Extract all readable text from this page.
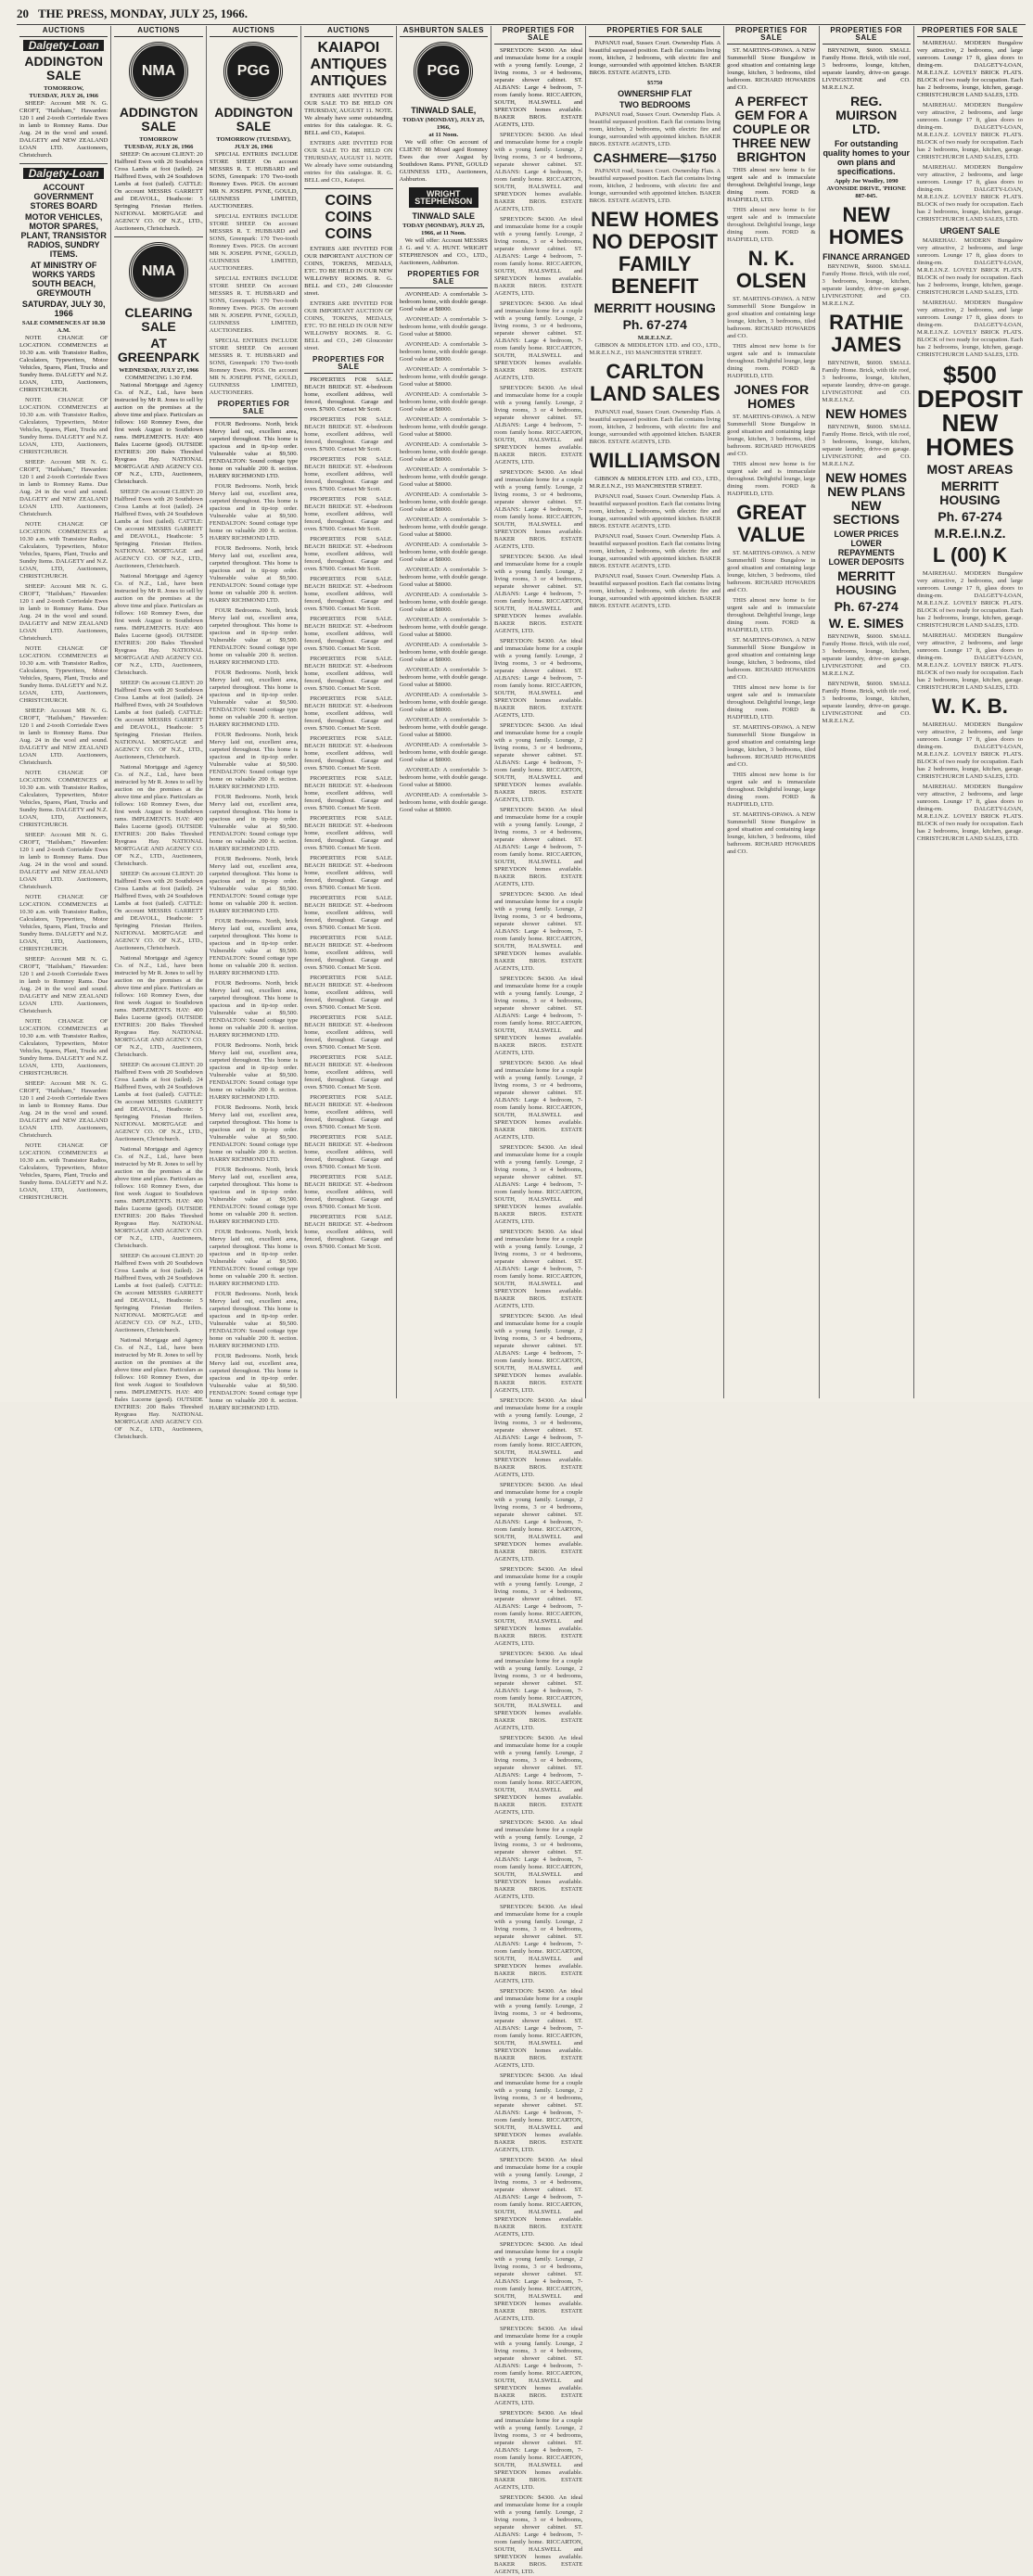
20 THE PRESS, MONDAY, JULY 25, 1966.
AUCTIONS
Dalgety-Loan
ADDINGTON SALE
TOMORROW,
TUESDAY, JULY 26, 1966

SHEEP: Account MR N. G. CROFT, "Hailsham," Hawarden: 120 1 and 2-tooth Corriedale Ewes in lamb to Romney Rams. Due Aug. 24 in the wool and sound. DALGETY and NEW ZEALAND LOAN LTD. Auctioneers, Christchurch.

Dalgety-Loan
ACCOUNT GOVERNMENT STORES BOARD
MOTOR VEHICLES, MOTOR SPARES, PLANT, TRANSISTOR RADIOS, SUNDRY ITEMS.
AT MINISTRY OF WORKS YARDS SOUTH BEACH, GREYMOUTH
SATURDAY, JULY 30, 1966
SALE COMMENCES AT 10.30 A.M.

NOTE CHANGE OF LOCATION. COMMENCES at 10.30 a.m. with Transistor Radios, Calculators, Typewriters, Motor Vehicles, Spares, Plant, Trucks and Sundry Items. DALGETY and N.Z. LOAN, LTD, Auctioneers, CHRISTCHURCH.

NOTE CHANGE OF LOCATION. COMMENCES at 10.30 a.m. with Transistor Radios, Calculators, Typewriters, Motor Vehicles, Spares, Plant, Trucks and Sundry Items. DALGETY and N.Z. LOAN, LTD, Auctioneers, CHRISTCHURCH.

SHEEP: Account MR N. G. CROFT, "Hailsham," Hawarden: 120 1 and 2-tooth Corriedale Ewes in lamb to Romney Rams. Due Aug. 24 in the wool and sound. DALGETY and NEW ZEALAND LOAN LTD. Auctioneers, Christchurch.

NOTE CHANGE OF LOCATION. COMMENCES at 10.30 a.m. with Transistor Radios, Calculators, Typewriters, Motor Vehicles, Spares, Plant, Trucks and Sundry Items. DALGETY and N.Z. LOAN, LTD, Auctioneers, CHRISTCHURCH.

SHEEP: Account MR N. G. CROFT, "Hailsham," Hawarden: 120 1 and 2-tooth Corriedale Ewes in lamb to Romney Rams. Due Aug. 24 in the wool and sound. DALGETY and NEW ZEALAND LOAN LTD. Auctioneers, Christchurch.

NOTE CHANGE OF LOCATION. COMMENCES at 10.30 a.m. with Transistor Radios, Calculators, Typewriters, Motor Vehicles, Spares, Plant, Trucks and Sundry Items. DALGETY and N.Z. LOAN, LTD, Auctioneers, CHRISTCHURCH.

SHEEP: Account MR N. G. CROFT, "Hailsham," Hawarden: 120 1 and 2-tooth Corriedale Ewes in lamb to Romney Rams. Due Aug. 24 in the wool and sound. DALGETY and NEW ZEALAND LOAN LTD. Auctioneers, Christchurch.

NOTE CHANGE OF LOCATION. COMMENCES at 10.30 a.m. with Transistor Radios, Calculators, Typewriters, Motor Vehicles, Spares, Plant, Trucks and Sundry Items. DALGETY and N.Z. LOAN, LTD, Auctioneers, CHRISTCHURCH.

SHEEP: Account MR N. G. CROFT, "Hailsham," Hawarden: 120 1 and 2-tooth Corriedale Ewes in lamb to Romney Rams. Due Aug. 24 in the wool and sound. DALGETY and NEW ZEALAND LOAN LTD. Auctioneers, Christchurch.

NOTE CHANGE OF LOCATION. COMMENCES at 10.30 a.m. with Transistor Radios, Calculators, Typewriters, Motor Vehicles, Spares, Plant, Trucks and Sundry Items. DALGETY and N.Z. LOAN, LTD, Auctioneers, CHRISTCHURCH.

SHEEP: Account MR N. G. CROFT, "Hailsham," Hawarden: 120 1 and 2-tooth Corriedale Ewes in lamb to Romney Rams. Due Aug. 24 in the wool and sound. DALGETY and NEW ZEALAND LOAN LTD. Auctioneers, Christchurch.

NOTE CHANGE OF LOCATION. COMMENCES at 10.30 a.m. with Transistor Radios, Calculators, Typewriters, Motor Vehicles, Spares, Plant, Trucks and Sundry Items. DALGETY and N.Z. LOAN, LTD, Auctioneers, CHRISTCHURCH.

SHEEP: Account MR N. G. CROFT, "Hailsham," Hawarden: 120 1 and 2-tooth Corriedale Ewes in lamb to Romney Rams. Due Aug. 24 in the wool and sound. DALGETY and NEW ZEALAND LOAN LTD. Auctioneers, Christchurch.

NOTE CHANGE OF LOCATION. COMMENCES at 10.30 a.m. with Transistor Radios, Calculators, Typewriters, Motor Vehicles, Spares, Plant, Trucks and Sundry Items. DALGETY and N.Z. LOAN, LTD, Auctioneers, CHRISTCHURCH.

AUCTIONS
NMA
ADDINGTON SALE
TOMORROW
TUESDAY, JULY 26, 1966

SHEEP: On account CLIENT: 20 Halfbred Ewes with 20 Southdown Cross Lambs at foot (tailed). 24 Halfbred Ewes, with 24 Southdown Lambs at foot (tailed). CATTLE: On account MESSRS GARRETT and DEAVOLL, Heathcote: 5 Springing Friesian Heifers. NATIONAL MORTGAGE and AGENCY CO. OF N.Z., LTD., Auctioneers, Christchurch.

NMA
CLEARING SALE
AT GREENPARK
WEDNESDAY, JULY 27, 1966
COMMENCING 1.30 P.M.

National Mortgage and Agency Co. of N.Z., Ltd., have been instructed by Mr R. Jones to sell by auction on the premises at the above time and place. Particulars as follows: 160 Romney Ewes, due first week August to Southdown rams. IMPLEMENTS. HAY: 400 Bales Lucerne (good). OUTSIDE ENTRIES: 200 Bales Threshed Ryegrass Hay. NATIONAL MORTGAGE AND AGENCY CO. OF N.Z., LTD., Auctioneers, Christchurch.

SHEEP: On account CLIENT: 20 Halfbred Ewes with 20 Southdown Cross Lambs at foot (tailed). 24 Halfbred Ewes, with 24 Southdown Lambs at foot (tailed). CATTLE: On account MESSRS GARRETT and DEAVOLL, Heathcote: 5 Springing Friesian Heifers. NATIONAL MORTGAGE and AGENCY CO. OF N.Z., LTD., Auctioneers, Christchurch.

National Mortgage and Agency Co. of N.Z., Ltd., have been instructed by Mr R. Jones to sell by auction on the premises at the above time and place. Particulars as follows: 160 Romney Ewes, due first week August to Southdown rams. IMPLEMENTS. HAY: 400 Bales Lucerne (good). OUTSIDE ENTRIES: 200 Bales Threshed Ryegrass Hay. NATIONAL MORTGAGE AND AGENCY CO. OF N.Z., LTD., Auctioneers, Christchurch.

SHEEP: On account CLIENT: 20 Halfbred Ewes with 20 Southdown Cross Lambs at foot (tailed). 24 Halfbred Ewes, with 24 Southdown Lambs at foot (tailed). CATTLE: On account MESSRS GARRETT and DEAVOLL, Heathcote: 5 Springing Friesian Heifers. NATIONAL MORTGAGE and AGENCY CO. OF N.Z., LTD., Auctioneers, Christchurch.

National Mortgage and Agency Co. of N.Z., Ltd., have been instructed by Mr R. Jones to sell by auction on the premises at the above time and place. Particulars as follows: 160 Romney Ewes, due first week August to Southdown rams. IMPLEMENTS. HAY: 400 Bales Lucerne (good). OUTSIDE ENTRIES: 200 Bales Threshed Ryegrass Hay. NATIONAL MORTGAGE AND AGENCY CO. OF N.Z., LTD., Auctioneers, Christchurch.

SHEEP: On account CLIENT: 20 Halfbred Ewes with 20 Southdown Cross Lambs at foot (tailed). 24 Halfbred Ewes, with 24 Southdown Lambs at foot (tailed). CATTLE: On account MESSRS GARRETT and DEAVOLL, Heathcote: 5 Springing Friesian Heifers. NATIONAL MORTGAGE and AGENCY CO. OF N.Z., LTD., Auctioneers, Christchurch.

National Mortgage and Agency Co. of N.Z., Ltd., have been instructed by Mr R. Jones to sell by auction on the premises at the above time and place. Particulars as follows: 160 Romney Ewes, due first week August to Southdown rams. IMPLEMENTS. HAY: 400 Bales Lucerne (good). OUTSIDE ENTRIES: 200 Bales Threshed Ryegrass Hay. NATIONAL MORTGAGE AND AGENCY CO. OF N.Z., LTD., Auctioneers, Christchurch.

SHEEP: On account CLIENT: 20 Halfbred Ewes with 20 Southdown Cross Lambs at foot (tailed). 24 Halfbred Ewes, with 24 Southdown Lambs at foot (tailed). CATTLE: On account MESSRS GARRETT and DEAVOLL, Heathcote: 5 Springing Friesian Heifers. NATIONAL MORTGAGE and AGENCY CO. OF N.Z., LTD., Auctioneers, Christchurch.

National Mortgage and Agency Co. of N.Z., Ltd., have been instructed by Mr R. Jones to sell by auction on the premises at the above time and place. Particulars as follows: 160 Romney Ewes, due first week August to Southdown rams. IMPLEMENTS. HAY: 400 Bales Lucerne (good). OUTSIDE ENTRIES: 200 Bales Threshed Ryegrass Hay. NATIONAL MORTGAGE AND AGENCY CO. OF N.Z., LTD., Auctioneers, Christchurch.

SHEEP: On account CLIENT: 20 Halfbred Ewes with 20 Southdown Cross Lambs at foot (tailed). 24 Halfbred Ewes, with 24 Southdown Lambs at foot (tailed). CATTLE: On account MESSRS GARRETT and DEAVOLL, Heathcote: 5 Springing Friesian Heifers. NATIONAL MORTGAGE and AGENCY CO. OF N.Z., LTD., Auctioneers, Christchurch.

National Mortgage and Agency Co. of N.Z., Ltd., have been instructed by Mr R. Jones to sell by auction on the premises at the above time and place. Particulars as follows: 160 Romney Ewes, due first week August to Southdown rams. IMPLEMENTS. HAY: 400 Bales Lucerne (good). OUTSIDE ENTRIES: 200 Bales Threshed Ryegrass Hay. NATIONAL MORTGAGE AND AGENCY CO. OF N.Z., LTD., Auctioneers, Christchurch.

AUCTIONS
PGG
ADDINGTON SALE
TOMORROW (TUESDAY),
JULY 26, 1966

SPECIAL ENTRIES INCLUDE STORE SHEEP. On account MESSRS R. T. HUBBARD and SONS, Greenpark: 170 Two-tooth Romney Ewes. PIGS. On account MR N. JOSEPH. PYNE, GOULD, GUINNESS LIMITED, AUCTIONEERS.

SPECIAL ENTRIES INCLUDE STORE SHEEP. On account MESSRS R. T. HUBBARD and SONS, Greenpark: 170 Two-tooth Romney Ewes. PIGS. On account MR N. JOSEPH. PYNE, GOULD, GUINNESS LIMITED, AUCTIONEERS.

SPECIAL ENTRIES INCLUDE STORE SHEEP. On account MESSRS R. T. HUBBARD and SONS, Greenpark: 170 Two-tooth Romney Ewes. PIGS. On account MR N. JOSEPH. PYNE, GOULD, GUINNESS LIMITED, AUCTIONEERS.

SPECIAL ENTRIES INCLUDE STORE SHEEP. On account MESSRS R. T. HUBBARD and SONS, Greenpark: 170 Two-tooth Romney Ewes. PIGS. On account MR N. JOSEPH. PYNE, GOULD, GUINNESS LIMITED, AUCTIONEERS.

PROPERTIES FOR SALE

FOUR Bedrooms. North, brick Mervy laid out, excellent area, carpeted throughout. This home is spacious and in tip-top order. Vulnerable value at $9,500. FENDALTON: Sound cottage type home on valuable 200 ft. section. HARRY RICHMOND LTD.

FOUR Bedrooms. North, brick Mervy laid out, excellent area, carpeted throughout. This home is spacious and in tip-top order. Vulnerable value at $9,500. FENDALTON: Sound cottage type home on valuable 200 ft. section. HARRY RICHMOND LTD.

FOUR Bedrooms. North, brick Mervy laid out, excellent area, carpeted throughout. This home is spacious and in tip-top order. Vulnerable value at $9,500. FENDALTON: Sound cottage type home on valuable 200 ft. section. HARRY RICHMOND LTD.

FOUR Bedrooms. North, brick Mervy laid out, excellent area, carpeted throughout. This home is spacious and in tip-top order. Vulnerable value at $9,500. FENDALTON: Sound cottage type home on valuable 200 ft. section. HARRY RICHMOND LTD.

FOUR Bedrooms. North, brick Mervy laid out, excellent area, carpeted throughout. This home is spacious and in tip-top order. Vulnerable value at $9,500. FENDALTON: Sound cottage type home on valuable 200 ft. section. HARRY RICHMOND LTD.

FOUR Bedrooms. North, brick Mervy laid out, excellent area, carpeted throughout. This home is spacious and in tip-top order. Vulnerable value at $9,500. FENDALTON: Sound cottage type home on valuable 200 ft. section. HARRY RICHMOND LTD.

FOUR Bedrooms. North, brick Mervy laid out, excellent area, carpeted throughout. This home is spacious and in tip-top order. Vulnerable value at $9,500. FENDALTON: Sound cottage type home on valuable 200 ft. section. HARRY RICHMOND LTD.

FOUR Bedrooms. North, brick Mervy laid out, excellent area, carpeted throughout. This home is spacious and in tip-top order. Vulnerable value at $9,500. FENDALTON: Sound cottage type home on valuable 200 ft. section. HARRY RICHMOND LTD.

FOUR Bedrooms. North, brick Mervy laid out, excellent area, carpeted throughout. This home is spacious and in tip-top order. Vulnerable value at $9,500. FENDALTON: Sound cottage type home on valuable 200 ft. section. HARRY RICHMOND LTD.

FOUR Bedrooms. North, brick Mervy laid out, excellent area, carpeted throughout. This home is spacious and in tip-top order. Vulnerable value at $9,500. FENDALTON: Sound cottage type home on valuable 200 ft. section. HARRY RICHMOND LTD.

FOUR Bedrooms. North, brick Mervy laid out, excellent area, carpeted throughout. This home is spacious and in tip-top order. Vulnerable value at $9,500. FENDALTON: Sound cottage type home on valuable 200 ft. section. HARRY RICHMOND LTD.

FOUR Bedrooms. North, brick Mervy laid out, excellent area, carpeted throughout. This home is spacious and in tip-top order. Vulnerable value at $9,500. FENDALTON: Sound cottage type home on valuable 200 ft. section. HARRY RICHMOND LTD.

FOUR Bedrooms. North, brick Mervy laid out, excellent area, carpeted throughout. This home is spacious and in tip-top order. Vulnerable value at $9,500. FENDALTON: Sound cottage type home on valuable 200 ft. section. HARRY RICHMOND LTD.

FOUR Bedrooms. North, brick Mervy laid out, excellent area, carpeted throughout. This home is spacious and in tip-top order. Vulnerable value at $9,500. FENDALTON: Sound cottage type home on valuable 200 ft. section. HARRY RICHMOND LTD.

FOUR Bedrooms. North, brick Mervy laid out, excellent area, carpeted throughout. This home is spacious and in tip-top order. Vulnerable value at $9,500. FENDALTON: Sound cottage type home on valuable 200 ft. section. HARRY RICHMOND LTD.

FOUR Bedrooms. North, brick Mervy laid out, excellent area, carpeted throughout. This home is spacious and in tip-top order. Vulnerable value at $9,500. FENDALTON: Sound cottage type home on valuable 200 ft. section. HARRY RICHMOND LTD.

AUCTIONS
KAIAPOI ANTIQUES ANTIQUES

ENTRIES ARE INVITED FOR OUR SALE TO BE HELD ON THURSDAY, AUGUST 11. NOTE. We already have some outstanding entries for this catalogue. R. G. BELL and CO., Kaiapoi.

ENTRIES ARE INVITED FOR OUR SALE TO BE HELD ON THURSDAY, AUGUST 11. NOTE. We already have some outstanding entries for this catalogue. R. G. BELL and CO., Kaiapoi.

COINS COINS COINS

ENTRIES ARE INVITED FOR OUR IMPORTANT AUCTION OF COINS, TOKENS, MEDALS, ETC. TO BE HELD IN OUR NEW WILLOWBY ROOMS. R. G. BELL and CO., 249 Gloucester street.

ENTRIES ARE INVITED FOR OUR IMPORTANT AUCTION OF COINS, TOKENS, MEDALS, ETC. TO BE HELD IN OUR NEW WILLOWBY ROOMS. R. G. BELL and CO., 249 Gloucester street.

PROPERTIES FOR SALE

PROPERTIES FOR SALE. BEACH BRIDGE ST. 4-bedroom home, excellent address, well fenced, throughout. Garage and oven. $7600. Contact Mr Scott.

PROPERTIES FOR SALE. BEACH BRIDGE ST. 4-bedroom home, excellent address, well fenced, throughout. Garage and oven. $7600. Contact Mr Scott.

PROPERTIES FOR SALE. BEACH BRIDGE ST. 4-bedroom home, excellent address, well fenced, throughout. Garage and oven. $7600. Contact Mr Scott.

PROPERTIES FOR SALE. BEACH BRIDGE ST. 4-bedroom home, excellent address, well fenced, throughout. Garage and oven. $7600. Contact Mr Scott.

PROPERTIES FOR SALE. BEACH BRIDGE ST. 4-bedroom home, excellent address, well fenced, throughout. Garage and oven. $7600. Contact Mr Scott.

PROPERTIES FOR SALE. BEACH BRIDGE ST. 4-bedroom home, excellent address, well fenced, throughout. Garage and oven. $7600. Contact Mr Scott.

PROPERTIES FOR SALE. BEACH BRIDGE ST. 4-bedroom home, excellent address, well fenced, throughout. Garage and oven. $7600. Contact Mr Scott.

PROPERTIES FOR SALE. BEACH BRIDGE ST. 4-bedroom home, excellent address, well fenced, throughout. Garage and oven. $7600. Contact Mr Scott.

PROPERTIES FOR SALE. BEACH BRIDGE ST. 4-bedroom home, excellent address, well fenced, throughout. Garage and oven. $7600. Contact Mr Scott.

PROPERTIES FOR SALE. BEACH BRIDGE ST. 4-bedroom home, excellent address, well fenced, throughout. Garage and oven. $7600. Contact Mr Scott.

PROPERTIES FOR SALE. BEACH BRIDGE ST. 4-bedroom home, excellent address, well fenced, throughout. Garage and oven. $7600. Contact Mr Scott.

PROPERTIES FOR SALE. BEACH BRIDGE ST. 4-bedroom home, excellent address, well fenced, throughout. Garage and oven. $7600. Contact Mr Scott.

PROPERTIES FOR SALE. BEACH BRIDGE ST. 4-bedroom home, excellent address, well fenced, throughout. Garage and oven. $7600. Contact Mr Scott.

PROPERTIES FOR SALE. BEACH BRIDGE ST. 4-bedroom home, excellent address, well fenced, throughout. Garage and oven. $7600. Contact Mr Scott.

PROPERTIES FOR SALE. BEACH BRIDGE ST. 4-bedroom home, excellent address, well fenced, throughout. Garage and oven. $7600. Contact Mr Scott.

PROPERTIES FOR SALE. BEACH BRIDGE ST. 4-bedroom home, excellent address, well fenced, throughout. Garage and oven. $7600. Contact Mr Scott.

PROPERTIES FOR SALE. BEACH BRIDGE ST. 4-bedroom home, excellent address, well fenced, throughout. Garage and oven. $7600. Contact Mr Scott.

PROPERTIES FOR SALE. BEACH BRIDGE ST. 4-bedroom home, excellent address, well fenced, throughout. Garage and oven. $7600. Contact Mr Scott.

PROPERTIES FOR SALE. BEACH BRIDGE ST. 4-bedroom home, excellent address, well fenced, throughout. Garage and oven. $7600. Contact Mr Scott.

PROPERTIES FOR SALE. BEACH BRIDGE ST. 4-bedroom home, excellent address, well fenced, throughout. Garage and oven. $7600. Contact Mr Scott.

PROPERTIES FOR SALE. BEACH BRIDGE ST. 4-bedroom home, excellent address, well fenced, throughout. Garage and oven. $7600. Contact Mr Scott.

PROPERTIES FOR SALE. BEACH BRIDGE ST. 4-bedroom home, excellent address, well fenced, throughout. Garage and oven. $7600. Contact Mr Scott.

ASHBURTON SALES
PGG
TINWALD SALE,
TODAY (MONDAY), JULY 25, 1966,
at 11 Noon.

We will offer: On account of CLIENT: 80 Mixed aged Romney Ewes due over August by Southdown Rams. PYNE, GOULD GUINNESS LTD., Auctioneers, Ashburton.

WRIGHT STEPHENSON
TINWALD SALE
TODAY (MONDAY), JULY 25,
1966, at 11 Noon.

We will offer: Account MESSRS J. G. and V. A. HUNT. WRIGHT STEPHENSON and CO., LTD., Auctioneers, Ashburton.

PROPERTIES FOR SALE

AVONHEAD: A comfortable 3-bedroom home, with double garage. Good value at $8000.

AVONHEAD: A comfortable 3-bedroom home, with double garage. Good value at $8000.

AVONHEAD: A comfortable 3-bedroom home, with double garage. Good value at $8000.

AVONHEAD: A comfortable 3-bedroom home, with double garage. Good value at $8000.

AVONHEAD: A comfortable 3-bedroom home, with double garage. Good value at $8000.

AVONHEAD: A comfortable 3-bedroom home, with double garage. Good value at $8000.

AVONHEAD: A comfortable 3-bedroom home, with double garage. Good value at $8000.

AVONHEAD: A comfortable 3-bedroom home, with double garage. Good value at $8000.

AVONHEAD: A comfortable 3-bedroom home, with double garage. Good value at $8000.

AVONHEAD: A comfortable 3-bedroom home, with double garage. Good value at $8000.

AVONHEAD: A comfortable 3-bedroom home, with double garage. Good value at $8000.

AVONHEAD: A comfortable 3-bedroom home, with double garage. Good value at $8000.

AVONHEAD: A comfortable 3-bedroom home, with double garage. Good value at $8000.

AVONHEAD: A comfortable 3-bedroom home, with double garage. Good value at $8000.

AVONHEAD: A comfortable 3-bedroom home, with double garage. Good value at $8000.

AVONHEAD: A comfortable 3-bedroom home, with double garage. Good value at $8000.

AVONHEAD: A comfortable 3-bedroom home, with double garage. Good value at $8000.

AVONHEAD: A comfortable 3-bedroom home, with double garage. Good value at $8000.

AVONHEAD: A comfortable 3-bedroom home, with double garage. Good value at $8000.

AVONHEAD: A comfortable 3-bedroom home, with double garage. Good value at $8000.

AVONHEAD: A comfortable 3-bedroom home, with double garage. Good value at $8000.

PROPERTIES FOR SALE

SPREYDON: $4300. An ideal and immaculate home for a couple with a young family. Lounge, 2 living rooms, 3 or 4 bedrooms, separate shower cabinet. ST. ALBANS: Large 4 bedroom, 7-room family home. RICCARTON, SOUTH, HALSWELL and SPREYDON homes available. BAKER BROS. ESTATE AGENTS, LTD.

SPREYDON: $4300. An ideal and immaculate home for a couple with a young family. Lounge, 2 living rooms, 3 or 4 bedrooms, separate shower cabinet. ST. ALBANS: Large 4 bedroom, 7-room family home. RICCARTON, SOUTH, HALSWELL and SPREYDON homes available. BAKER BROS. ESTATE AGENTS, LTD.

SPREYDON: $4300. An ideal and immaculate home for a couple with a young family. Lounge, 2 living rooms, 3 or 4 bedrooms, separate shower cabinet. ST. ALBANS: Large 4 bedroom, 7-room family home. RICCARTON, SOUTH, HALSWELL and SPREYDON homes available. BAKER BROS. ESTATE AGENTS, LTD.

SPREYDON: $4300. An ideal and immaculate home for a couple with a young family. Lounge, 2 living rooms, 3 or 4 bedrooms, separate shower cabinet. ST. ALBANS: Large 4 bedroom, 7-room family home. RICCARTON, SOUTH, HALSWELL and SPREYDON homes available. BAKER BROS. ESTATE AGENTS, LTD.

SPREYDON: $4300. An ideal and immaculate home for a couple with a young family. Lounge, 2 living rooms, 3 or 4 bedrooms, separate shower cabinet. ST. ALBANS: Large 4 bedroom, 7-room family home. RICCARTON, SOUTH, HALSWELL and SPREYDON homes available. BAKER BROS. ESTATE AGENTS, LTD.

SPREYDON: $4300. An ideal and immaculate home for a couple with a young family. Lounge, 2 living rooms, 3 or 4 bedrooms, separate shower cabinet. ST. ALBANS: Large 4 bedroom, 7-room family home. RICCARTON, SOUTH, HALSWELL and SPREYDON homes available. BAKER BROS. ESTATE AGENTS, LTD.

SPREYDON: $4300. An ideal and immaculate home for a couple with a young family. Lounge, 2 living rooms, 3 or 4 bedrooms, separate shower cabinet. ST. ALBANS: Large 4 bedroom, 7-room family home. RICCARTON, SOUTH, HALSWELL and SPREYDON homes available. BAKER BROS. ESTATE AGENTS, LTD.

SPREYDON: $4300. An ideal and immaculate home for a couple with a young family. Lounge, 2 living rooms, 3 or 4 bedrooms, separate shower cabinet. ST. ALBANS: Large 4 bedroom, 7-room family home. RICCARTON, SOUTH, HALSWELL and SPREYDON homes available. BAKER BROS. ESTATE AGENTS, LTD.

SPREYDON: $4300. An ideal and immaculate home for a couple with a young family. Lounge, 2 living rooms, 3 or 4 bedrooms, separate shower cabinet. ST. ALBANS: Large 4 bedroom, 7-room family home. RICCARTON, SOUTH, HALSWELL and SPREYDON homes available. BAKER BROS. ESTATE AGENTS, LTD.

SPREYDON: $4300. An ideal and immaculate home for a couple with a young family. Lounge, 2 living rooms, 3 or 4 bedrooms, separate shower cabinet. ST. ALBANS: Large 4 bedroom, 7-room family home. RICCARTON, SOUTH, HALSWELL and SPREYDON homes available. BAKER BROS. ESTATE AGENTS, LTD.

SPREYDON: $4300. An ideal and immaculate home for a couple with a young family. Lounge, 2 living rooms, 3 or 4 bedrooms, separate shower cabinet. ST. ALBANS: Large 4 bedroom, 7-room family home. RICCARTON, SOUTH, HALSWELL and SPREYDON homes available. BAKER BROS. ESTATE AGENTS, LTD.

SPREYDON: $4300. An ideal and immaculate home for a couple with a young family. Lounge, 2 living rooms, 3 or 4 bedrooms, separate shower cabinet. ST. ALBANS: Large 4 bedroom, 7-room family home. RICCARTON, SOUTH, HALSWELL and SPREYDON homes available. BAKER BROS. ESTATE AGENTS, LTD.

SPREYDON: $4300. An ideal and immaculate home for a couple with a young family. Lounge, 2 living rooms, 3 or 4 bedrooms, separate shower cabinet. ST. ALBANS: Large 4 bedroom, 7-room family home. RICCARTON, SOUTH, HALSWELL and SPREYDON homes available. BAKER BROS. ESTATE AGENTS, LTD.

SPREYDON: $4300. An ideal and immaculate home for a couple with a young family. Lounge, 2 living rooms, 3 or 4 bedrooms, separate shower cabinet. ST. ALBANS: Large 4 bedroom, 7-room family home. RICCARTON, SOUTH, HALSWELL and SPREYDON homes available. BAKER BROS. ESTATE AGENTS, LTD.

SPREYDON: $4300. An ideal and immaculate home for a couple with a young family. Lounge, 2 living rooms, 3 or 4 bedrooms, separate shower cabinet. ST. ALBANS: Large 4 bedroom, 7-room family home. RICCARTON, SOUTH, HALSWELL and SPREYDON homes available. BAKER BROS. ESTATE AGENTS, LTD.

SPREYDON: $4300. An ideal and immaculate home for a couple with a young family. Lounge, 2 living rooms, 3 or 4 bedrooms, separate shower cabinet. ST. ALBANS: Large 4 bedroom, 7-room family home. RICCARTON, SOUTH, HALSWELL and SPREYDON homes available. BAKER BROS. ESTATE AGENTS, LTD.

SPREYDON: $4300. An ideal and immaculate home for a couple with a young family. Lounge, 2 living rooms, 3 or 4 bedrooms, separate shower cabinet. ST. ALBANS: Large 4 bedroom, 7-room family home. RICCARTON, SOUTH, HALSWELL and SPREYDON homes available. BAKER BROS. ESTATE AGENTS, LTD.

SPREYDON: $4300. An ideal and immaculate home for a couple with a young family. Lounge, 2 living rooms, 3 or 4 bedrooms, separate shower cabinet. ST. ALBANS: Large 4 bedroom, 7-room family home. RICCARTON, SOUTH, HALSWELL and SPREYDON homes available. BAKER BROS. ESTATE AGENTS, LTD.

SPREYDON: $4300. An ideal and immaculate home for a couple with a young family. Lounge, 2 living rooms, 3 or 4 bedrooms, separate shower cabinet. ST. ALBANS: Large 4 bedroom, 7-room family home. RICCARTON, SOUTH, HALSWELL and SPREYDON homes available. BAKER BROS. ESTATE AGENTS, LTD.

SPREYDON: $4300. An ideal and immaculate home for a couple with a young family. Lounge, 2 living rooms, 3 or 4 bedrooms, separate shower cabinet. ST. ALBANS: Large 4 bedroom, 7-room family home. RICCARTON, SOUTH, HALSWELL and SPREYDON homes available. BAKER BROS. ESTATE AGENTS, LTD.

SPREYDON: $4300. An ideal and immaculate home for a couple with a young family. Lounge, 2 living rooms, 3 or 4 bedrooms, separate shower cabinet. ST. ALBANS: Large 4 bedroom, 7-room family home. RICCARTON, SOUTH, HALSWELL and SPREYDON homes available. BAKER BROS. ESTATE AGENTS, LTD.

SPREYDON: $4300. An ideal and immaculate home for a couple with a young family. Lounge, 2 living rooms, 3 or 4 bedrooms, separate shower cabinet. ST. ALBANS: Large 4 bedroom, 7-room family home. RICCARTON, SOUTH, HALSWELL and SPREYDON homes available. BAKER BROS. ESTATE AGENTS, LTD.

SPREYDON: $4300. An ideal and immaculate home for a couple with a young family. Lounge, 2 living rooms, 3 or 4 bedrooms, separate shower cabinet. ST. ALBANS: Large 4 bedroom, 7-room family home. RICCARTON, SOUTH, HALSWELL and SPREYDON homes available. BAKER BROS. ESTATE AGENTS, LTD.

SPREYDON: $4300. An ideal and immaculate home for a couple with a young family. Lounge, 2 living rooms, 3 or 4 bedrooms, separate shower cabinet. ST. ALBANS: Large 4 bedroom, 7-room family home. RICCARTON, SOUTH, HALSWELL and SPREYDON homes available. BAKER BROS. ESTATE AGENTS, LTD.

SPREYDON: $4300. An ideal and immaculate home for a couple with a young family. Lounge, 2 living rooms, 3 or 4 bedrooms, separate shower cabinet. ST. ALBANS: Large 4 bedroom, 7-room family home. RICCARTON, SOUTH, HALSWELL and SPREYDON homes available. BAKER BROS. ESTATE AGENTS, LTD.

SPREYDON: $4300. An ideal and immaculate home for a couple with a young family. Lounge, 2 living rooms, 3 or 4 bedrooms, separate shower cabinet. ST. ALBANS: Large 4 bedroom, 7-room family home. RICCARTON, SOUTH, HALSWELL and SPREYDON homes available. BAKER BROS. ESTATE AGENTS, LTD.

SPREYDON: $4300. An ideal and immaculate home for a couple with a young family. Lounge, 2 living rooms, 3 or 4 bedrooms, separate shower cabinet. ST. ALBANS: Large 4 bedroom, 7-room family home. RICCARTON, SOUTH, HALSWELL and SPREYDON homes available. BAKER BROS. ESTATE AGENTS, LTD.

SPREYDON: $4300. An ideal and immaculate home for a couple with a young family. Lounge, 2 living rooms, 3 or 4 bedrooms, separate shower cabinet. ST. ALBANS: Large 4 bedroom, 7-room family home. RICCARTON, SOUTH, HALSWELL and SPREYDON homes available. BAKER BROS. ESTATE AGENTS, LTD.

SPREYDON: $4300. An ideal and immaculate home for a couple with a young family. Lounge, 2 living rooms, 3 or 4 bedrooms, separate shower cabinet. ST. ALBANS: Large 4 bedroom, 7-room family home. RICCARTON, SOUTH, HALSWELL and SPREYDON homes available. BAKER BROS. ESTATE AGENTS, LTD.

SPREYDON: $4300. An ideal and immaculate home for a couple with a young family. Lounge, 2 living rooms, 3 or 4 bedrooms, separate shower cabinet. ST. ALBANS: Large 4 bedroom, 7-room family home. RICCARTON, SOUTH, HALSWELL and SPREYDON homes available. BAKER BROS. ESTATE AGENTS, LTD.

PROPERTIES FOR SALE

PAPANUI road, Sussex Court. Ownership Flats. A beautiful surpassed position. Each flat contains living room, kitchen, 2 bedrooms, with electric fire and lounge, surrounded with appointed kitchen. BAKER BROS. ESTATE AGENTS, LTD.

$5750
OWNERSHIP FLAT
TWO BEDROOMS

PAPANUI road, Sussex Court. Ownership Flats. A beautiful surpassed position. Each flat contains living room, kitchen, 2 bedrooms, with electric fire and lounge, surrounded with appointed kitchen. BAKER BROS. ESTATE AGENTS, LTD.

CASHMERE—$1750

PAPANUI road, Sussex Court. Ownership Flats. A beautiful surpassed position. Each flat contains living room, kitchen, 2 bedrooms, with electric fire and lounge, surrounded with appointed kitchen. BAKER BROS. ESTATE AGENTS, LTD.

NEW HOMES NO DEPOSIT FAMILY BENEFIT
MERRITT HOUSING
Ph. 67-274
M.R.E.I.N.Z.

GIBBON & MIDDLETON LTD. and CO., LTD., M.R.E.I.N.Z., 193 MANCHESTER STREET.

CARLTON LAND SALES

PAPANUI road, Sussex Court. Ownership Flats. A beautiful surpassed position. Each flat contains living room, kitchen, 2 bedrooms, with electric fire and lounge, surrounded with appointed kitchen. BAKER BROS. ESTATE AGENTS, LTD.

WILLIAMSON

GIBBON & MIDDLETON LTD. and CO., LTD., M.R.E.I.N.Z., 193 MANCHESTER STREET.

PAPANUI road, Sussex Court. Ownership Flats. A beautiful surpassed position. Each flat contains living room, kitchen, 2 bedrooms, with electric fire and lounge, surrounded with appointed kitchen. BAKER BROS. ESTATE AGENTS, LTD.

PAPANUI road, Sussex Court. Ownership Flats. A beautiful surpassed position. Each flat contains living room, kitchen, 2 bedrooms, with electric fire and lounge, surrounded with appointed kitchen. BAKER BROS. ESTATE AGENTS, LTD.

PAPANUI road, Sussex Court. Ownership Flats. A beautiful surpassed position. Each flat contains living room, kitchen, 2 bedrooms, with electric fire and lounge, surrounded with appointed kitchen. BAKER BROS. ESTATE AGENTS, LTD.

PROPERTIES FOR SALE

ST. MARTINS-OPAWA. A NEW Summerhill Stone Bungalow in good situation and containing large lounge, kitchen, 3 bedrooms, tiled bathroom. RICHARD HOWARDS and CO.

A PERFECT GEM FOR A COUPLE OR THREE NEW BRIGHTON

THIS almost new home is for urgent sale and is immaculate throughout. Delightful lounge, large dining room. FORD & HADFIELD, LTD.

THIS almost new home is for urgent sale and is immaculate throughout. Delightful lounge, large dining room. FORD & HADFIELD, LTD.

N. K. OLSEN

ST. MARTINS-OPAWA. A NEW Summerhill Stone Bungalow in good situation and containing large lounge, kitchen, 3 bedrooms, tiled bathroom. RICHARD HOWARDS and CO.

THIS almost new home is for urgent sale and is immaculate throughout. Delightful lounge, large dining room. FORD & HADFIELD, LTD.

JONES FOR HOMES

ST. MARTINS-OPAWA. A NEW Summerhill Stone Bungalow in good situation and containing large lounge, kitchen, 3 bedrooms, tiled bathroom. RICHARD HOWARDS and CO.

THIS almost new home is for urgent sale and is immaculate throughout. Delightful lounge, large dining room. FORD & HADFIELD, LTD.

GREAT VALUE

ST. MARTINS-OPAWA. A NEW Summerhill Stone Bungalow in good situation and containing large lounge, kitchen, 3 bedrooms, tiled bathroom. RICHARD HOWARDS and CO.

THIS almost new home is for urgent sale and is immaculate throughout. Delightful lounge, large dining room. FORD & HADFIELD, LTD.

ST. MARTINS-OPAWA. A NEW Summerhill Stone Bungalow in good situation and containing large lounge, kitchen, 3 bedrooms, tiled bathroom. RICHARD HOWARDS and CO.

THIS almost new home is for urgent sale and is immaculate throughout. Delightful lounge, large dining room. FORD & HADFIELD, LTD.

ST. MARTINS-OPAWA. A NEW Summerhill Stone Bungalow in good situation and containing large lounge, kitchen, 3 bedrooms, tiled bathroom. RICHARD HOWARDS and CO.

THIS almost new home is for urgent sale and is immaculate throughout. Delightful lounge, large dining room. FORD & HADFIELD, LTD.

ST. MARTINS-OPAWA. A NEW Summerhill Stone Bungalow in good situation and containing large lounge, kitchen, 3 bedrooms, tiled bathroom. RICHARD HOWARDS and CO.

PROPERTIES FOR SALE

BRYNDWR, $6000. SMALL Family Home. Brick, with tile roof, 3 bedrooms, lounge, kitchen, separate laundry, drive-on garage. LIVINGSTONE and CO. M.R.E.I.N.Z.

REG. MUIRSON LTD.
For outstanding quality homes to your own plans and specifications.
Apply Joe Woolley, 1090 AVONSIDE DRIVE, 'PHONE 887-045.
NEW HOMES
FINANCE ARRANGED

BRYNDWR, $6000. SMALL Family Home. Brick, with tile roof, 3 bedrooms, lounge, kitchen, separate laundry, drive-on garage. LIVINGSTONE and CO. M.R.E.I.N.Z.

RATHIE JAMES

BRYNDWR, $6000. SMALL Family Home. Brick, with tile roof, 3 bedrooms, lounge, kitchen, separate laundry, drive-on garage. LIVINGSTONE and CO. M.R.E.I.N.Z.

NEW HOMES

BRYNDWR, $6000. SMALL Family Home. Brick, with tile roof, 3 bedrooms, lounge, kitchen, separate laundry, drive-on garage. LIVINGSTONE and CO. M.R.E.I.N.Z.

NEW HOMES NEW PLANS NEW SECTIONS
LOWER PRICES LOWER REPAYMENTS LOWER DEPOSITS
MERRITT HOUSING
Ph. 67-274
W. E. SIMES

BRYNDWR, $6000. SMALL Family Home. Brick, with tile roof, 3 bedrooms, lounge, kitchen, separate laundry, drive-on garage. LIVINGSTONE and CO. M.R.E.I.N.Z.

BRYNDWR, $6000. SMALL Family Home. Brick, with tile roof, 3 bedrooms, lounge, kitchen, separate laundry, drive-on garage. LIVINGSTONE and CO. M.R.E.I.N.Z.

PROPERTIES FOR SALE

MAIREHAU. MODERN Bungalow very attractive, 2 bedrooms, and large sunroom. Lounge 17 ft, glass doors to dining-rm. DALGETY-LOAN, M.R.E.I.N.Z. LOVELY BRICK FLATS. BLOCK of two ready for occupation. Each has 2 bedrooms, lounge, kitchen, garage. CHRISTCHURCH LAND SALES, LTD.

MAIREHAU. MODERN Bungalow very attractive, 2 bedrooms, and large sunroom. Lounge 17 ft, glass doors to dining-rm. DALGETY-LOAN, M.R.E.I.N.Z. LOVELY BRICK FLATS. BLOCK of two ready for occupation. Each has 2 bedrooms, lounge, kitchen, garage. CHRISTCHURCH LAND SALES, LTD.

MAIREHAU. MODERN Bungalow very attractive, 2 bedrooms, and large sunroom. Lounge 17 ft, glass doors to dining-rm. DALGETY-LOAN, M.R.E.I.N.Z. LOVELY BRICK FLATS. BLOCK of two ready for occupation. Each has 2 bedrooms, lounge, kitchen, garage. CHRISTCHURCH LAND SALES, LTD.

URGENT SALE

MAIREHAU. MODERN Bungalow very attractive, 2 bedrooms, and large sunroom. Lounge 17 ft, glass doors to dining-rm. DALGETY-LOAN, M.R.E.I.N.Z. LOVELY BRICK FLATS. BLOCK of two ready for occupation. Each has 2 bedrooms, lounge, kitchen, garage. CHRISTCHURCH LAND SALES, LTD.

MAIREHAU. MODERN Bungalow very attractive, 2 bedrooms, and large sunroom. Lounge 17 ft, glass doors to dining-rm. DALGETY-LOAN, M.R.E.I.N.Z. LOVELY BRICK FLATS. BLOCK of two ready for occupation. Each has 2 bedrooms, lounge, kitchen, garage. CHRISTCHURCH LAND SALES, LTD.

$500 DEPOSIT NEW HOMES
MOST AREAS
MERRITT HOUSING
Ph. 67-274
M.R.E.I.N.Z.
L (00) K

MAIREHAU. MODERN Bungalow very attractive, 2 bedrooms, and large sunroom. Lounge 17 ft, glass doors to dining-rm. DALGETY-LOAN, M.R.E.I.N.Z. LOVELY BRICK FLATS. BLOCK of two ready for occupation. Each has 2 bedrooms, lounge, kitchen, garage. CHRISTCHURCH LAND SALES, LTD.

MAIREHAU. MODERN Bungalow very attractive, 2 bedrooms, and large sunroom. Lounge 17 ft, glass doors to dining-rm. DALGETY-LOAN, M.R.E.I.N.Z. LOVELY BRICK FLATS. BLOCK of two ready for occupation. Each has 2 bedrooms, lounge, kitchen, garage. CHRISTCHURCH LAND SALES, LTD.

W. K. B.

MAIREHAU. MODERN Bungalow very attractive, 2 bedrooms, and large sunroom. Lounge 17 ft, glass doors to dining-rm. DALGETY-LOAN, M.R.E.I.N.Z. LOVELY BRICK FLATS. BLOCK of two ready for occupation. Each has 2 bedrooms, lounge, kitchen, garage. CHRISTCHURCH LAND SALES, LTD.

MAIREHAU. MODERN Bungalow very attractive, 2 bedrooms, and large sunroom. Lounge 17 ft, glass doors to dining-rm. DALGETY-LOAN, M.R.E.I.N.Z. LOVELY BRICK FLATS. BLOCK of two ready for occupation. Each has 2 bedrooms, lounge, kitchen, garage. CHRISTCHURCH LAND SALES, LTD.
